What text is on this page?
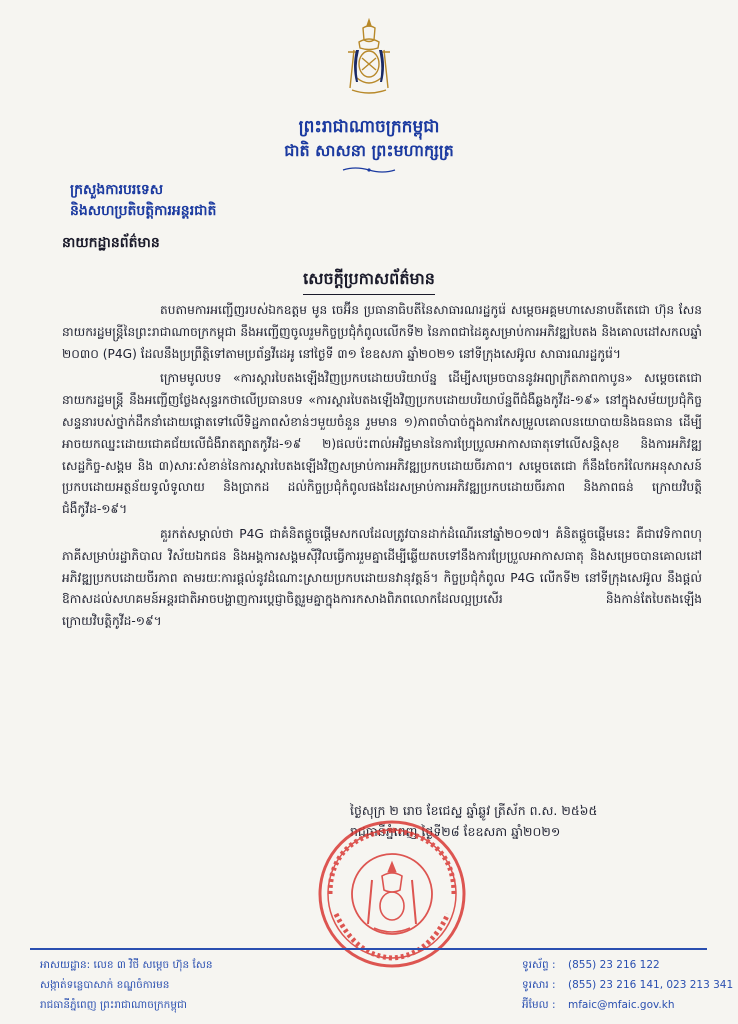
ព្រះរាជាណាចក្រកម្ពុជា
ជាតិ សាសនា ព្រះមហាក្សត្រ
ក្រសួងការបរទេស
និងសហប្រតិបត្តិការអន្តរជាតិ
នាយកដ្ឋានព័ត៌មាន
សេចក្តីប្រកាសព័ត៌មាន

តបតាមការអញ្ជើញរបស់ឯកឧត្តម មូន ចេអ៊ីន ប្រធានាធិបតីនៃសាធារណរដ្ឋកូរ៉េ សម្តេចអគ្គមហាសេនាបតីតេជោ ហ៊ុន សែន នាយករដ្ឋមន្ត្រីនៃព្រះរាជាណាចក្រកម្ពុជា នឹងអញ្ជើញចូលរួមកិច្ចប្រជុំកំពូលលើកទី២ នៃភាពជាដៃគូសម្រាប់ការអភិវឌ្ឍបៃតង និងគោលដៅសកលឆ្នាំ ២០៣០ (P4G) ដែលនឹងប្រព្រឹត្តិទៅតាមប្រព័ន្ធវីដេអូ នៅថ្ងៃទី ៣១ ខែឧសភា ឆ្នាំ២០២១ នៅទីក្រុងសេអ៊ូល សាធារណរដ្ឋកូរ៉េ។

ក្រោមមូលបទ «ការស្តារបៃតងឡើងវិញប្រកបដោយបរិយាប័ន្ន ដើម្បីសម្រេចបាននូវអព្យាក្រឹតភាពកាបូន» សម្តេចតេជោនាយករដ្ឋមន្ត្រី នឹងអញ្ជើញថ្លែងសុន្ទរកថាលើប្រធានបទ «ការស្តារបៃតងឡើងវិញប្រកបដោយបរិយាប័ន្នពីជំងឺឆ្លងកូវីដ-១៩» នៅក្នុងសម័យប្រជុំកិច្ចសន្ទនារបស់ថ្នាក់ដឹកនាំដោយផ្តោតទៅលើទិដ្ឋភាពសំខាន់ៗមួយចំនួន រួមមាន ១)ភាពចាំបាច់ក្នុងការកែសម្រួលគោលនយោបាយនិងធនធាន ដើម្បីអាចយកឈ្នះដោយជោគជ័យលើជំងឺរាតត្បាតកូវីដ-១៩ ២)ផលប៉ះពាល់អវិជ្ជមាននៃការប្រែប្រួលអាកាសធាតុទៅលើសន្តិសុខ និងការអភិវឌ្ឍសេដ្ឋកិច្ច-សង្គម និង ៣)សារៈសំខាន់នៃការស្តារបៃតងឡើងវិញសម្រាប់ការអភិវឌ្ឍប្រកបដោយចីរភាព។ សម្តេចតេជោ ក៏នឹងចែករំលែកអនុសាសន៍ប្រកបដោយអត្ថន័យទូលំទូលាយ និងប្រាកដ ដល់កិច្ចប្រជុំកំពូលផងដែរសម្រាប់ការអភិវឌ្ឍប្រកបដោយចីរភាព និងភាពធន់ ក្រោយវិបត្តិជំងឺកូវីដ-១៩។

គួរកត់សម្គាល់ថា P4G ជាគំនិតផ្តួចផ្តើមសកលដែលត្រូវបានដាក់ដំណើរនៅឆ្នាំ២០១៧។ គំនិតផ្តួចផ្តើមនេះ គឺជាវេទិកាពហុភាគីសម្រាប់រដ្ឋាភិបាល វិស័យឯកជន និងអង្គការសង្គមស៊ីវិលធ្វើការរួមគ្នាដើម្បីឆ្លើយតបទៅនឹងការប្រែប្រួលអាកាសធាតុ និងសម្រេចបានគោលដៅអភិវឌ្ឍប្រកបដោយចីរភាព តាមរយៈការផ្តល់នូវដំណោះស្រាយប្រកបដោយនវានុវត្តន៍។ កិច្ចប្រជុំកំពូល P4G លើកទី២ នៅទីក្រុងសេអ៊ូល នឹងផ្តល់ឱកាសដល់សហគមន៍អន្តរជាតិអាចបង្ហាញការប្តេជ្ញាចិត្តរួមគ្នាក្នុងការកសាងពិភពលោកដែលល្អប្រសើរ និងកាន់តែបៃតងឡើង ក្រោយវិបត្តិកូវីដ-១៩។

ថ្ងៃសុក្រ ២ រោច ខែជេស្ឋ ឆ្នាំឆ្លូវ ត្រីស័ក ព.ស. ២៥៦៥
រាជធានីភ្នំពេញ ថ្ងៃទី២៨ ខែឧសភា ឆ្នាំ២០២១
អាសយដ្ឋាន: លេខ ៣ វិថី សម្តេច ហ៊ុន សែន
សង្កាត់ទន្លេបាសាក់ ខណ្ឌចំការមន
រាជធានីភ្នំពេញ ព្រះរាជាណាចក្រកម្ពុជា
ទូរស័ព្ទ : (855) 23 216 122
ទូរសារ : (855) 23 216 141, 023 213 341
អ៊ីមែល : mfaic@mfaic.gov.kh
